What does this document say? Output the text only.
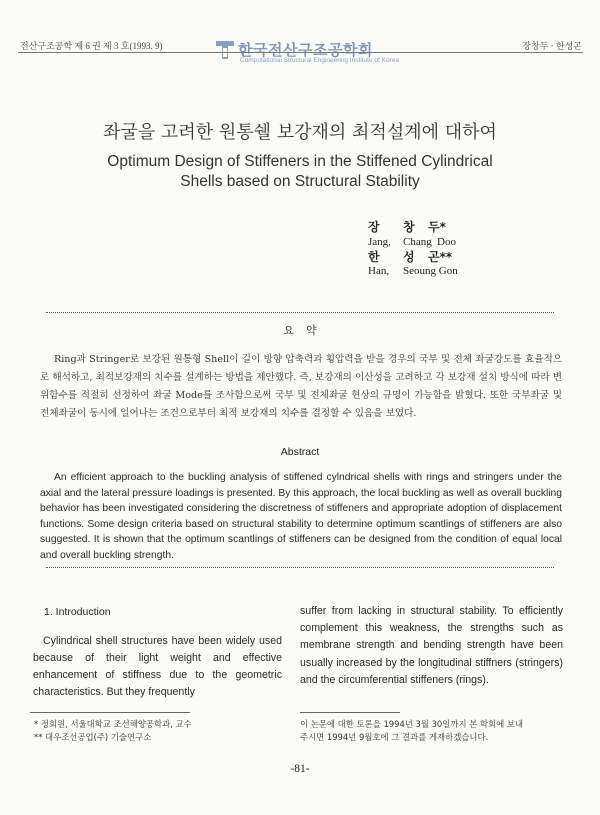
전산구조공학 제 6 권 제 3 호(1993. 9)	한국전산구조공학회
Computational Structural Engineering Institute of Korea
장창두 · 한성곤
좌굴을 고려한 원통쉘 보강재의 최적설계에 대하여
Optimum Design of Stiffeners in the Stiffened Cylindrical
Shells based on Structural Stability
장 창 두*
Jang, Chang Doo
한 성 곤**
Han, Seoung Gon
요약
Ring과 Stringer로 보강된 원통형 Shell이 길이 방향 압축력과 횡압력을 받을 경우의 국부 및 전체 좌굴강도를 효율적으로 해석하고, 최적보강재의 치수를 설계하는 방법을 제안했다. 즉, 보강재의 이산성을 고려하고 각 보강재 설치 방식에 따라 변위함수를 적절히 선정하여 좌굴 Mode를 조사함으로써 국부 및 전체좌굴 현상의 규명이 가능함을 밝혔다. 또한 국부좌굴 및 전체좌굴이 동시에 일어나는 조건으로부터 최적 보강재의 치수를 결정할 수 있음을 보였다.
Abstract
An efficient approach to the buckling analysis of stiffened cylndrical shells with rings and stringers under the axial and the lateral pressure loadings is presented. By this approach, the local buckling as well as overall buckling behavior has been investigated considering the discretness of stiffeners and appropriate adoption of displacement functions. Some design criteria based on structural stability to determine optimum scantlings of stiffeners are also suggested. It is shown that the optimum scantlings of stiffeners can be designed from the condition of equal local and overall buckling strength.
1. Introduction
Cylindrical shell structures have been widely used because of their light weight and effective enhancement of stiffness due to the geometric characteristics. But they frequently
suffer from lacking in structural stability. To efficiently complement this weakness, the strengths such as membrane strength and bending strength have been usually increased by the longitudinal stiffners (stringers) and the circumferential stiffeners (rings).
* 정회원, 서울대학교 조선해양공학과, 교수
** 대우조선공업(주) 기술연구소
이 논문에 대한 토론을 1994년 3월 30일까지 본 학회에 보내
주시면 1994년 9월호에 그 결과를 게재하겠습니다.
-81-
